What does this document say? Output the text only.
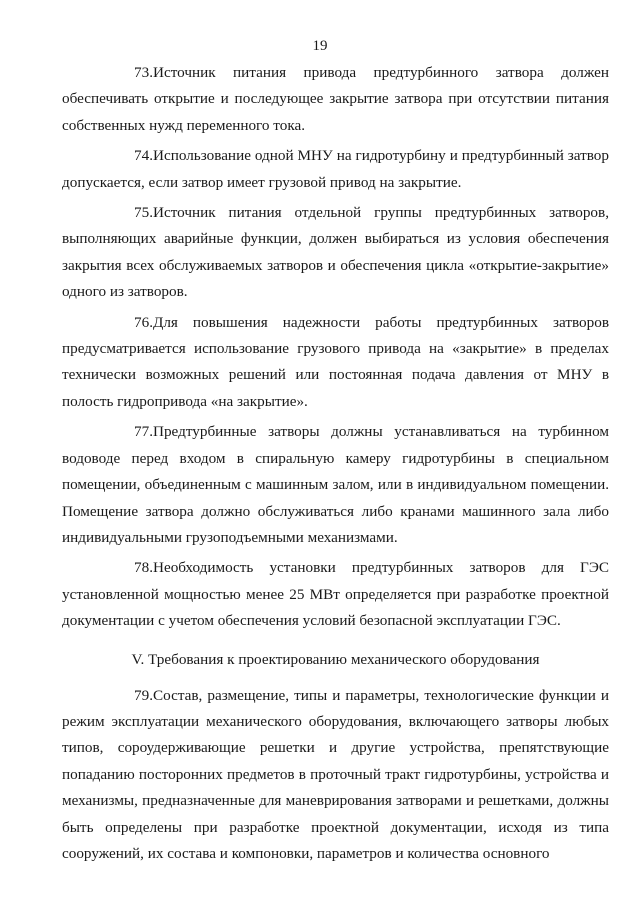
19

73.Источник питания привода предтурбинного затвора должен обеспечивать открытие и последующее закрытие затвора при отсутствии питания собственных нужд переменного тока.

74.Использование одной МНУ на гидротурбину и предтурбинный затвор допускается, если затвор имеет грузовой привод на закрытие.

75.Источник питания отдельной группы предтурбинных затворов, выполняющих аварийные функции, должен выбираться из условия обеспечения закрытия всех обслуживаемых затворов и обеспечения цикла «открытие-закрытие» одного из затворов.

76.Для повышения надежности работы предтурбинных затворов предусматривается использование грузового привода на «закрытие» в пределах технически возможных решений или постоянная подача давления от МНУ в полость гидропривода «на закрытие».

77.Предтурбинные затворы должны устанавливаться на турбинном водоводе перед входом в спиральную камеру гидротурбины в специальном помещении, объединенным с машинным залом, или в индивидуальном помещении. Помещение затвора должно обслуживаться либо кранами машинного зала либо индивидуальными грузоподъемными механизмами.

78.Необходимость установки предтурбинных затворов для ГЭС установленной мощностью менее 25 МВт определяется при разработке проектной документации с учетом обеспечения условий безопасной эксплуатации ГЭС.

V. Требования к проектированию механического оборудования

79.Состав, размещение, типы и параметры, технологические функции и режим эксплуатации механического оборудования, включающего затворы любых типов, сороудерживающие решетки и другие устройства, препятствующие попаданию посторонних предметов в проточный тракт гидротурбины, устройства и механизмы, предназначенные для маневрирования затворами и решетками, должны быть определены при разработке проектной документации, исходя из типа сооружений, их состава и компоновки, параметров и количества основного
